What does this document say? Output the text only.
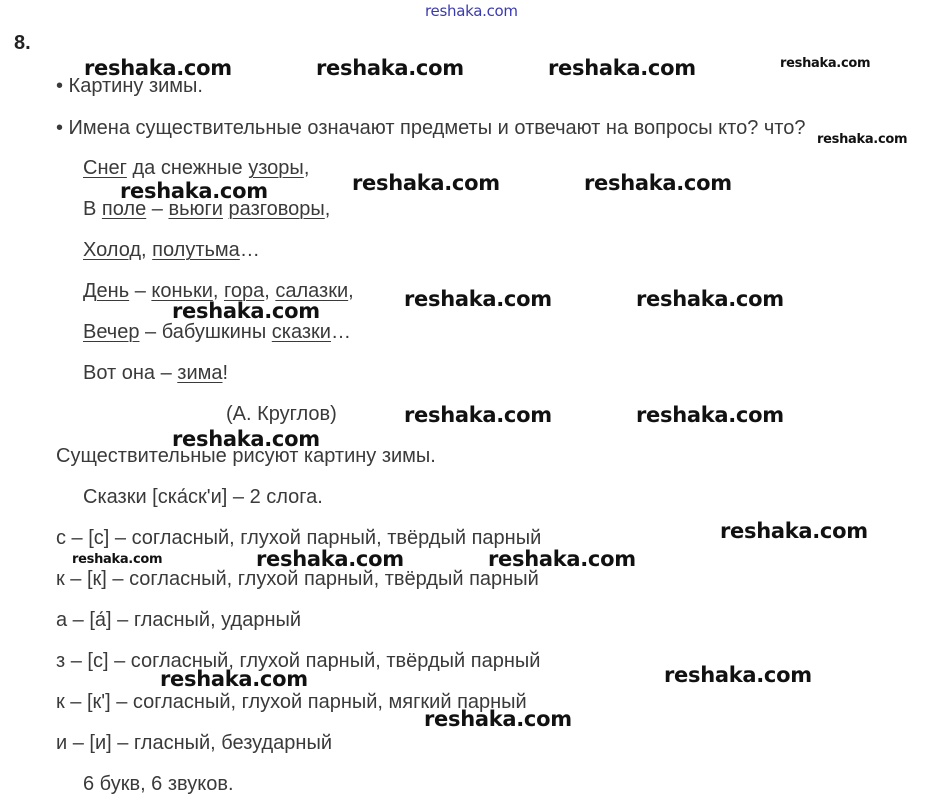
8.
• Картину зимы.
• Имена существительные означают предметы и отвечают на вопросы кто? что?
Снег да снежные узоры,
В поле – вьюги разговоры,
Холод, полутьма…
День – коньки, гора, салазки,
Вечер – бабушкины сказки…
Вот она – зима!
(А. Круглов)
Существительные рисуют картину зимы.
Сказки [ска́ск'и] – 2 слога.
с – [с] – согласный, глухой парный, твёрдый парный
к – [к] – согласный, глухой парный, твёрдый парный
а – [а́] – гласный, ударный
з – [с] – согласный, глухой парный, твёрдый парный
к – [к'] – согласный, глухой парный, мягкий парный
и – [и] – гласный, безударный
6 букв, 6 звуков.
reshaka.com
reshaka.com	reshaka.com	reshaka.com	reshaka.com
reshaka.com
reshaka.com	reshaka.com	reshaka.com
reshaka.com	reshaka.com
reshaka.com
reshaka.com	reshaka.com
reshaka.com
reshaka.com
reshaka.com	reshaka.com	reshaka.com
reshaka.com
reshaka.com
reshaka.com
